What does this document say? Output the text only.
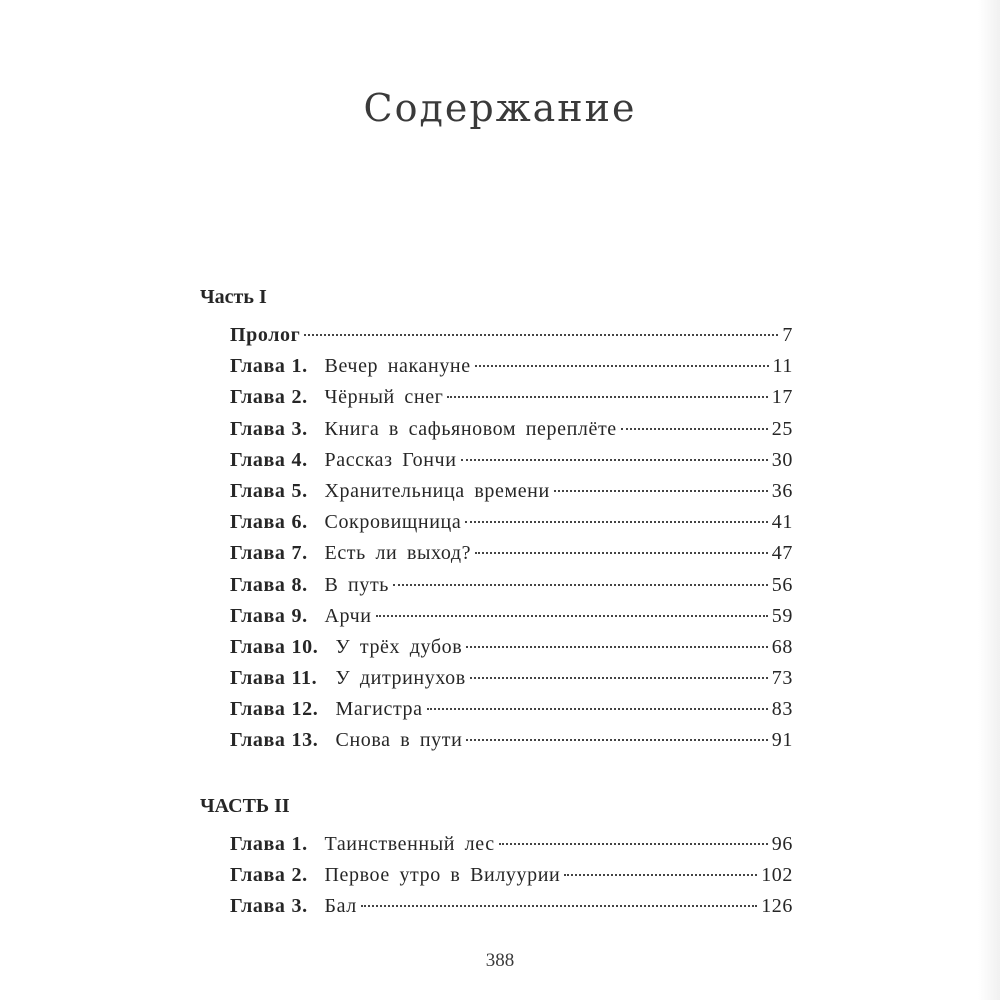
Содержание
Часть I
Пролог	7
Глава 1. Вечер накануне	11
Глава 2. Чёрный снег	17
Глава 3. Книга в сафьяновом переплёте	25
Глава 4. Рассказ Гончи	30
Глава 5. Хранительница времени	36
Глава 6. Сокровищница	41
Глава 7. Есть ли выход?	47
Глава 8. В путь	56
Глава 9. Арчи	59
Глава 10. У трёх дубов	68
Глава 11. У дитринухов	73
Глава 12. Магистра	83
Глава 13. Снова в пути	91
ЧАСТЬ II
Глава 1. Таинственный лес	96
Глава 2. Первое утро в Вилуурии	102
Глава 3. Бал	126
388
